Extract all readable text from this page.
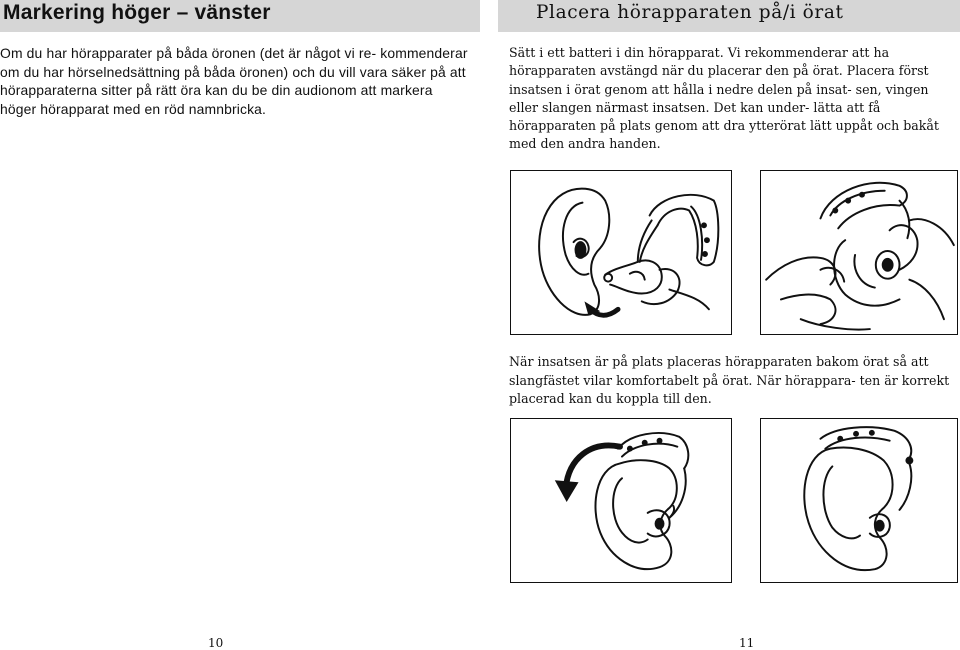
Markering höger – vänster

Om du har hörapparater på båda öronen (det är något vi re- kommenderar om du har hörselnedsättning på båda öronen) och du vill vara säker på att hörapparaterna sitter på rätt öra kan du be din audionom att markera höger hörapparat med en röd namnbricka.

10
Placera hörapparaten på/i örat

Sätt i ett batteri i din hörapparat. Vi rekommenderar att ha hörapparaten avstängd när du placerar den på örat. Placera först insatsen i örat genom att hålla i nedre delen på insat- sen, vingen eller slangen närmast insatsen. Det kan under- lätta att få hörapparaten på plats genom att dra ytterörat lätt uppåt och bakåt med den andra handen.

När insatsen är på plats placeras hörapparaten bakom örat så att slangfästet vilar komfortabelt på örat. När hörappara- ten är korrekt placerad kan du koppla till den.

11
